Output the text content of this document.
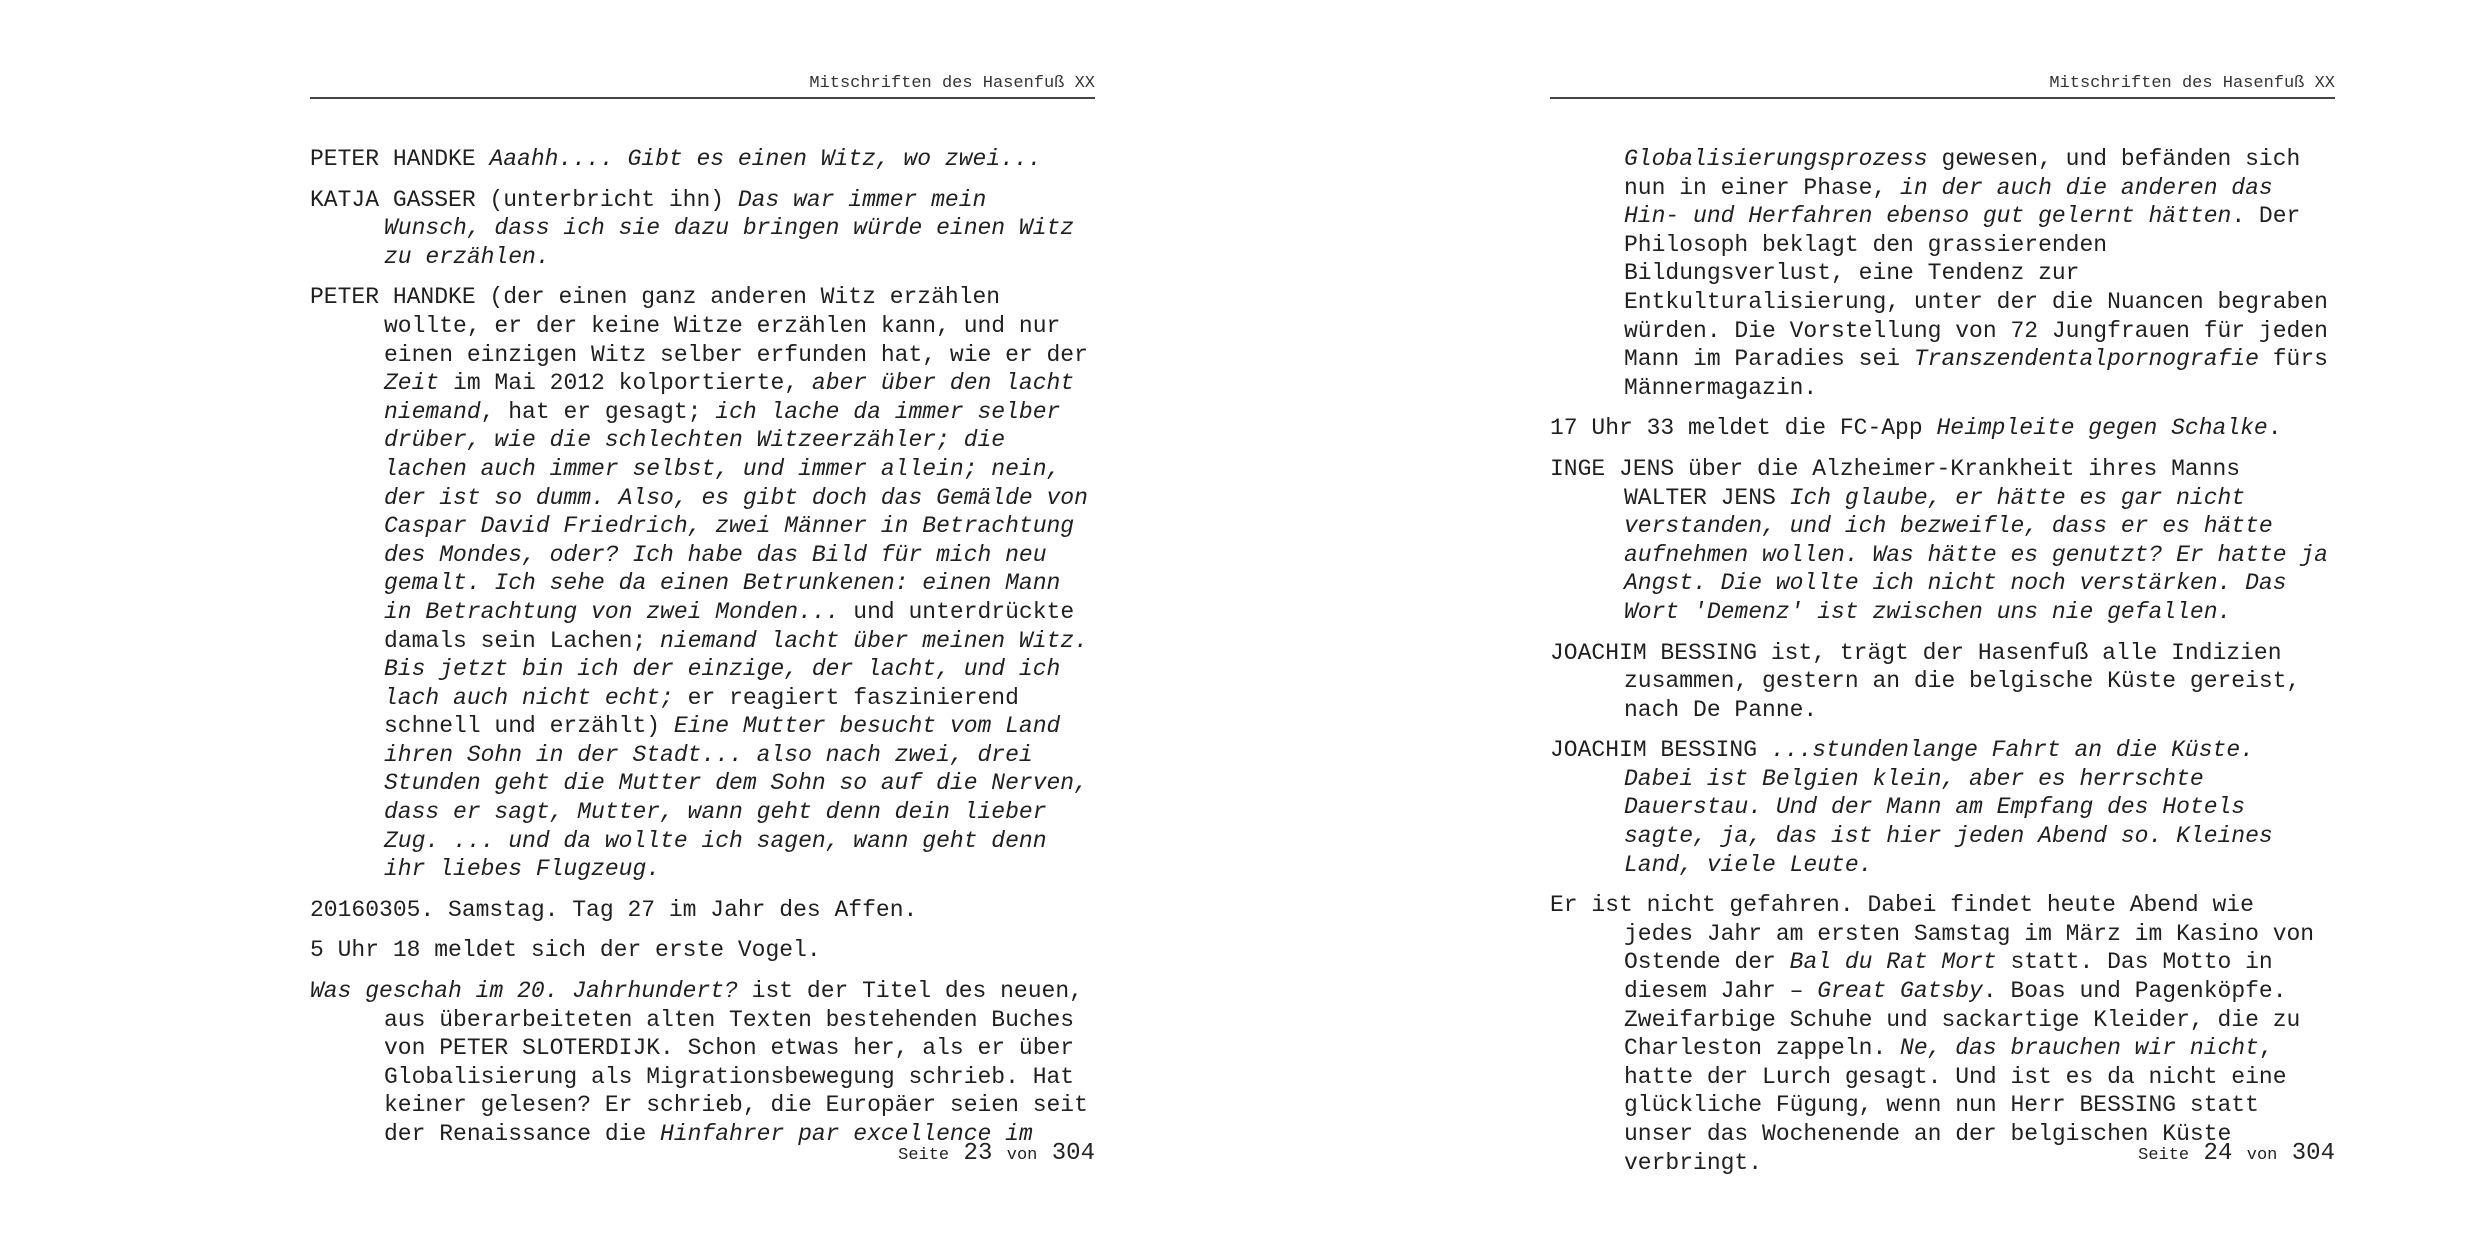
Mitschriften des Hasenfuß XX

PETER HANDKE Aaahh.... Gibt es einen Witz, wo zwei...

KATJA GASSER (unterbricht ihn) Das war immer mein Wunsch, dass ich sie dazu bringen würde einen Witz zu erzählen.

PETER HANDKE (der einen ganz anderen Witz erzählen wollte, er der keine Witze erzählen kann, und nur einen einzigen Witz selber erfunden hat, wie er der Zeit im Mai 2012 kolportierte, aber über den lacht niemand, hat er gesagt; ich lache da immer selber drüber, wie die schlechten Witzeerzähler; die lachen auch immer selbst, und immer allein; nein, der ist so dumm. Also, es gibt doch das Gemälde von Caspar David Friedrich, zwei Männer in Betrachtung des Mondes, oder? Ich habe das Bild für mich neu gemalt. Ich sehe da einen Betrunkenen: einen Mann in Betrachtung von zwei Monden... und unterdrückte damals sein Lachen; niemand lacht über meinen Witz. Bis jetzt bin ich der einzige, der lacht, und ich lach auch nicht echt; er reagiert faszinierend schnell und erzählt) Eine Mutter besucht vom Land ihren Sohn in der Stadt... also nach zwei, drei Stunden geht die Mutter dem Sohn so auf die Nerven, dass er sagt, Mutter, wann geht denn dein lieber Zug. ... und da wollte ich sagen, wann geht denn ihr liebes Flugzeug.

20160305. Samstag. Tag 27 im Jahr des Affen.

5 Uhr 18 meldet sich der erste Vogel.

Was geschah im 20. Jahrhundert? ist der Titel des neuen, aus überarbeiteten alten Texten bestehenden Buches von PETER SLOTERDIJK. Schon etwas her, als er über Globalisierung als Migrationsbewegung schrieb. Hat keiner gelesen? Er schrieb, die Europäer seien seit der Renaissance die Hinfahrer par excellence im

Seite 23 von 304
Mitschriften des Hasenfuß XX

Globalisierungsprozess gewesen, und befänden sich nun in einer Phase, in der auch die anderen das Hin- und Herfahren ebenso gut gelernt hätten. Der Philosoph beklagt den grassierenden Bildungsverlust, eine Tendenz zur Entkulturalisierung, unter der die Nuancen begraben würden. Die Vorstellung von 72 Jungfrauen für jeden Mann im Paradies sei Transzendentalpornografie fürs Männermagazin.

17 Uhr 33 meldet die FC-App Heimpleite gegen Schalke.

INGE JENS über die Alzheimer-Krankheit ihres Manns WALTER JENS Ich glaube, er hätte es gar nicht verstanden, und ich bezweifle, dass er es hätte aufnehmen wollen. Was hätte es genutzt? Er hatte ja Angst. Die wollte ich nicht noch verstärken. Das Wort 'Demenz' ist zwischen uns nie gefallen.

JOACHIM BESSING ist, trägt der Hasenfuß alle Indizien zusammen, gestern an die belgische Küste gereist, nach De Panne.

JOACHIM BESSING ...stundenlange Fahrt an die Küste. Dabei ist Belgien klein, aber es herrschte Dauerstau. Und der Mann am Empfang des Hotels sagte, ja, das ist hier jeden Abend so. Kleines Land, viele Leute.

Er ist nicht gefahren. Dabei findet heute Abend wie jedes Jahr am ersten Samstag im März im Kasino von Ostende der Bal du Rat Mort statt. Das Motto in diesem Jahr – Great Gatsby. Boas und Pagenköpfe. Zweifarbige Schuhe und sackartige Kleider, die zu Charleston zappeln. Ne, das brauchen wir nicht, hatte der Lurch gesagt. Und ist es da nicht eine glückliche Fügung, wenn nun Herr BESSING statt unser das Wochenende an der belgischen Küste verbringt.	Seite 24 von 304
